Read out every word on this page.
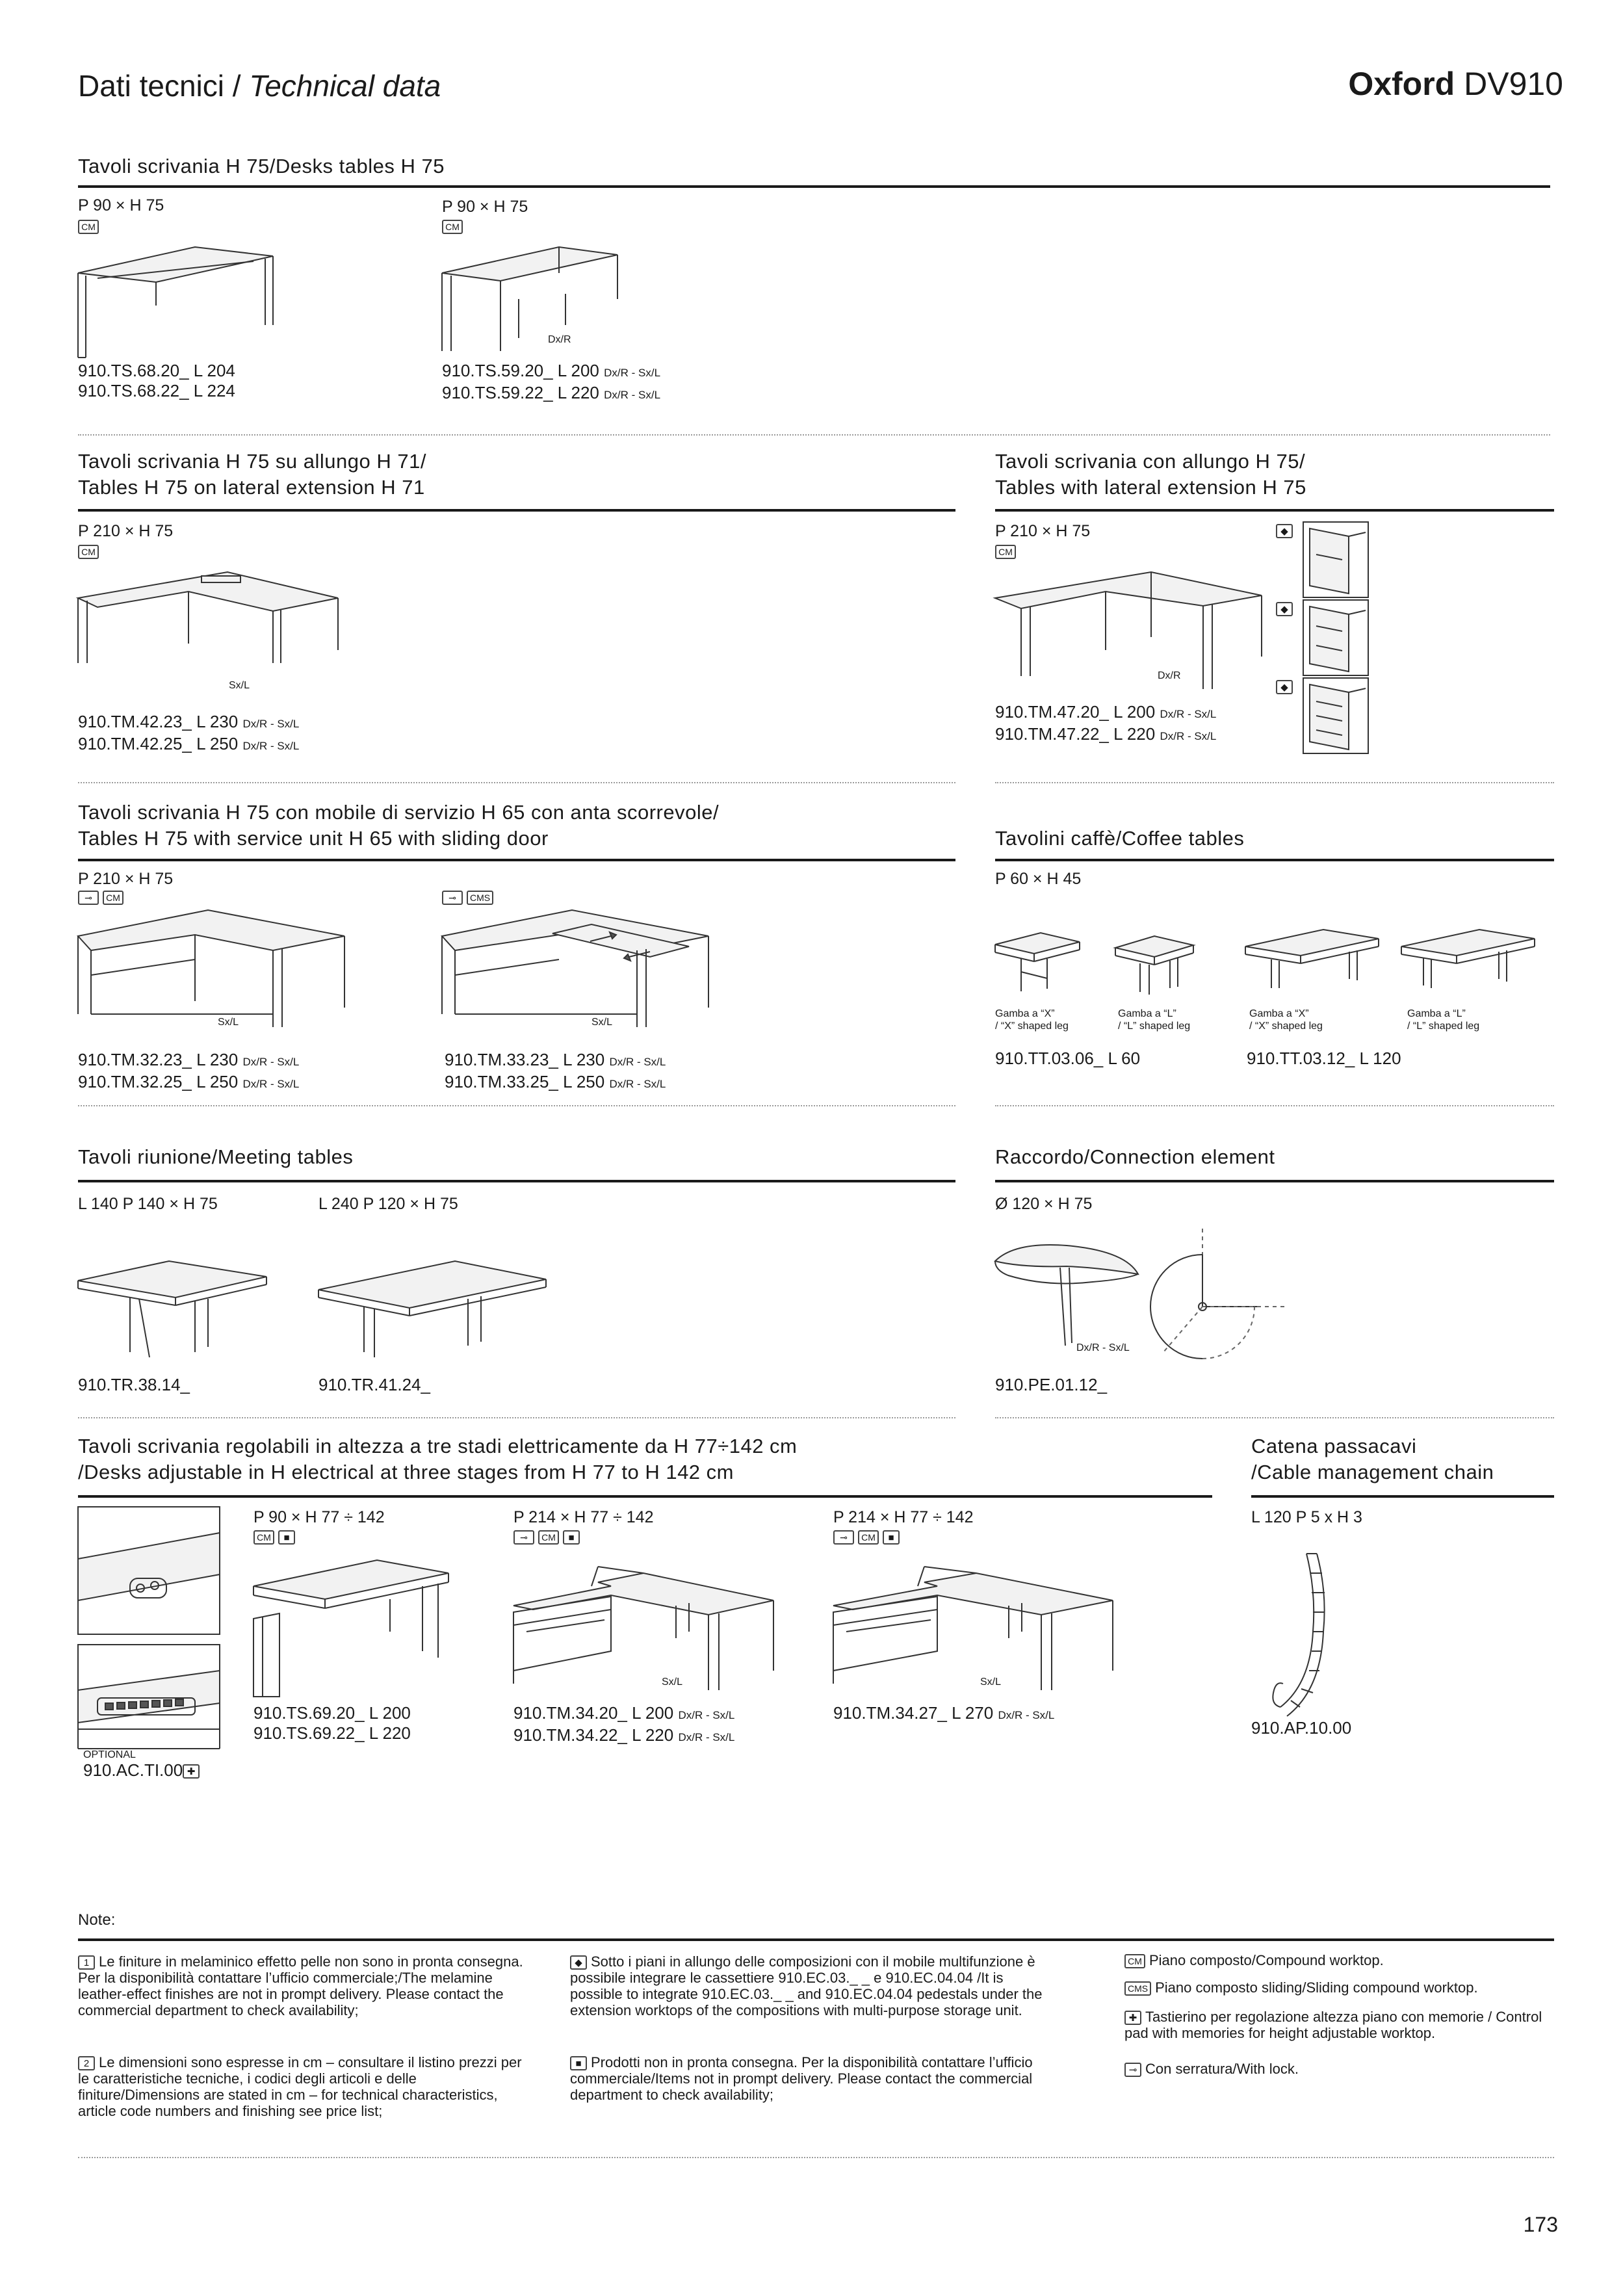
Dati tecnici / Technical data	Oxford DV910
Tavoli scrivania H 75/Desks tables H 75
P 90 × H 75
CM
910.TS.68.20_ L 204
910.TS.68.22_ L 224
P 90 × H 75
CM
Dx/R
910.TS.59.20_ L 200 Dx/R - Sx/L
910.TS.59.22_ L 220 Dx/R - Sx/L
Tavoli scrivania H 75 su allungo H 71/
Tables H 75 on lateral extension H 71
P 210 × H 75
CM
Sx/L
910.TM.42.23_ L 230 Dx/R - Sx/L
910.TM.42.25_ L 250 Dx/R - Sx/L
Tavoli scrivania con allungo H 75/
Tables with lateral extension H 75
P 210 × H 75
CM
Dx/R
910.TM.47.20_ L 200 Dx/R - Sx/L
910.TM.47.22_ L 220 Dx/R - Sx/L
◆
◆
◆
Tavoli scrivania H 75 con mobile di servizio H 65 con anta scorrevole/
Tables H 75 with service unit H 65 with sliding door
P 210 × H 75
⊸ CM
Sx/L
910.TM.32.23_ L 230 Dx/R - Sx/L
910.TM.32.25_ L 250 Dx/R - Sx/L
⊸ CMS
Sx/L
910.TM.33.23_ L 230 Dx/R - Sx/L
910.TM.33.25_ L 250 Dx/R - Sx/L
Tavolini caffè/Coffee tables
P 60 × H 45
Gamba a “X”
/ “X” shaped leg
Gamba a “L”
/ “L” shaped leg
Gamba a “X”
/ “X” shaped leg
Gamba a “L”
/ “L” shaped leg
910.TT.03.06_ L 60	910.TT.03.12_ L 120
Tavoli riunione/Meeting tables
L 140 P 140 × H 75	L 240 P 120 × H 75
910.TR.38.14_	910.TR.41.24_
Raccordo/Connection element
Ø 120 × H 75
Dx/R - Sx/L
910.PE.01.12_
Tavoli scrivania regolabili in altezza a tre stadi elettricamente da H 77÷142 cm
/Desks adjustable in H electrical at three stages from H 77 to H 142 cm
OPTIONAL
910.AC.TI.00 ✚
P 90 × H 77 ÷ 142
CM ■
910.TS.69.20_ L 200
910.TS.69.22_ L 220
P 214 × H 77 ÷ 142
⊸ CM ■
Sx/L
910.TM.34.20_ L 200 Dx/R - Sx/L
910.TM.34.22_ L 220 Dx/R - Sx/L
P 214 × H 77 ÷ 142
⊸ CM ■
Sx/L
910.TM.34.27_ L 270 Dx/R - Sx/L
Catena passacavi
/Cable management chain
L 120 P 5 x H 3
910.AP.10.00
Note:
1 Le finiture in melaminico effetto pelle non sono in pronta consegna. Per la disponibilità contattare l’ufficio commerciale;/The melamine leather-effect finishes are not in prompt delivery. Please contact the commercial department to check availability;
2 Le dimensioni sono espresse in cm – consultare il listino prezzi per le caratteristiche tecniche, i codici degli articoli e delle finiture/Dimensions are stated in cm – for technical characteristics, article code numbers and finishing see price list;
◆ Sotto i piani in allungo delle composizioni con il mobile multifunzione è possibile integrare le cassettiere 910.EC.03._ _ e 910.EC.04.04 /It is possible to integrate 910.EC.03._ _ and 910.EC.04.04 pedestals under the extension worktops of the compositions with multi-purpose storage unit.
■ Prodotti non in pronta consegna. Per la disponibilità contattare l’ufficio commerciale/Items not in prompt delivery. Please contact the commercial department to check availability;
CM Piano composto/Compound worktop.
CMS Piano composto sliding/Sliding compound worktop.
✚ Tastierino per regolazione altezza piano con memorie / Control pad with memories for height adjustable worktop.
⊸ Con serratura/With lock.
173
